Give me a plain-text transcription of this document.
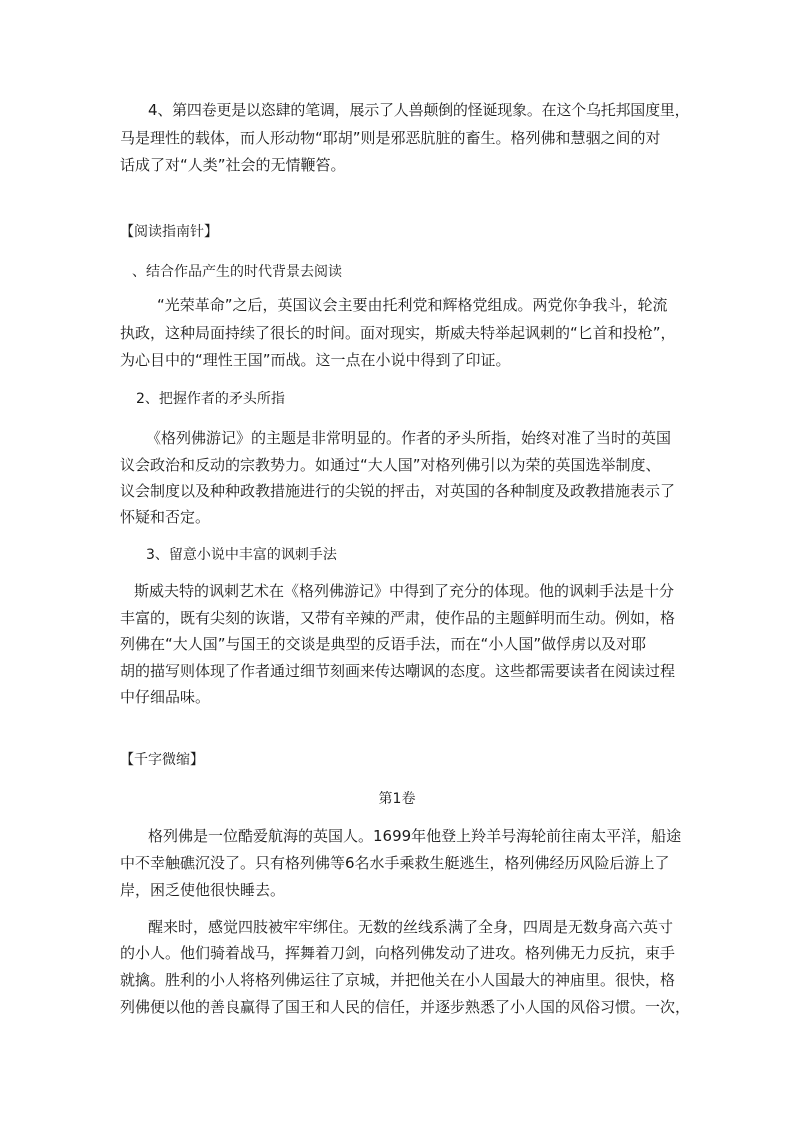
4、第四卷更是以恣肆的笔调，展示了人兽颠倒的怪诞现象。在这个乌托邦国度里，
马是理性的载体，而人形动物“耶胡”则是邪恶肮脏的畜生。格列佛和慧骃之间的对
话成了对“人类”社会的无情鞭笞。
【阅读指南针】
、结合作品产生的时代背景去阅读
“光荣革命”之后，英国议会主要由托利党和辉格党组成。两党你争我斗，轮流
执政，这种局面持续了很长的时间。面对现实，斯威夫特举起讽刺的“匕首和投枪”，
为心目中的“理性王国”而战。这一点在小说中得到了印证。
2、把握作者的矛头所指
《格列佛游记》的主题是非常明显的。作者的矛头所指，始终对准了当时的英国
议会政治和反动的宗教势力。如通过“大人国”对格列佛引以为荣的英国选举制度、
议会制度以及种种政教措施进行的尖锐的抨击，对英国的各种制度及政教措施表示了
怀疑和否定。
3、留意小说中丰富的讽刺手法
斯威夫特的讽刺艺术在《格列佛游记》中得到了充分的体现。他的讽刺手法是十分
丰富的，既有尖刻的诙谐，又带有辛辣的严肃，使作品的主题鲜明而生动。例如，格
列佛在“大人国”与国王的交谈是典型的反语手法，而在“小人国”做俘虏以及对耶
胡的描写则体现了作者通过细节刻画来传达嘲讽的态度。这些都需要读者在阅读过程
中仔细品味。
【千字微缩】
第1卷
格列佛是一位酷爱航海的英国人。1699年他登上羚羊号海轮前往南太平洋，船途
中不幸触礁沉没了。只有格列佛等6名水手乘救生艇逃生，格列佛经历风险后游上了
岸，困乏使他很快睡去。
醒来时，感觉四肢被牢牢绑住。无数的丝线系满了全身，四周是无数身高六英寸
的小人。他们骑着战马，挥舞着刀剑，向格列佛发动了进攻。格列佛无力反抗，束手
就擒。胜利的小人将格列佛运往了京城，并把他关在小人国最大的神庙里。很快，格
列佛便以他的善良赢得了国王和人民的信任，并逐步熟悉了小人国的风俗习惯。一次，
